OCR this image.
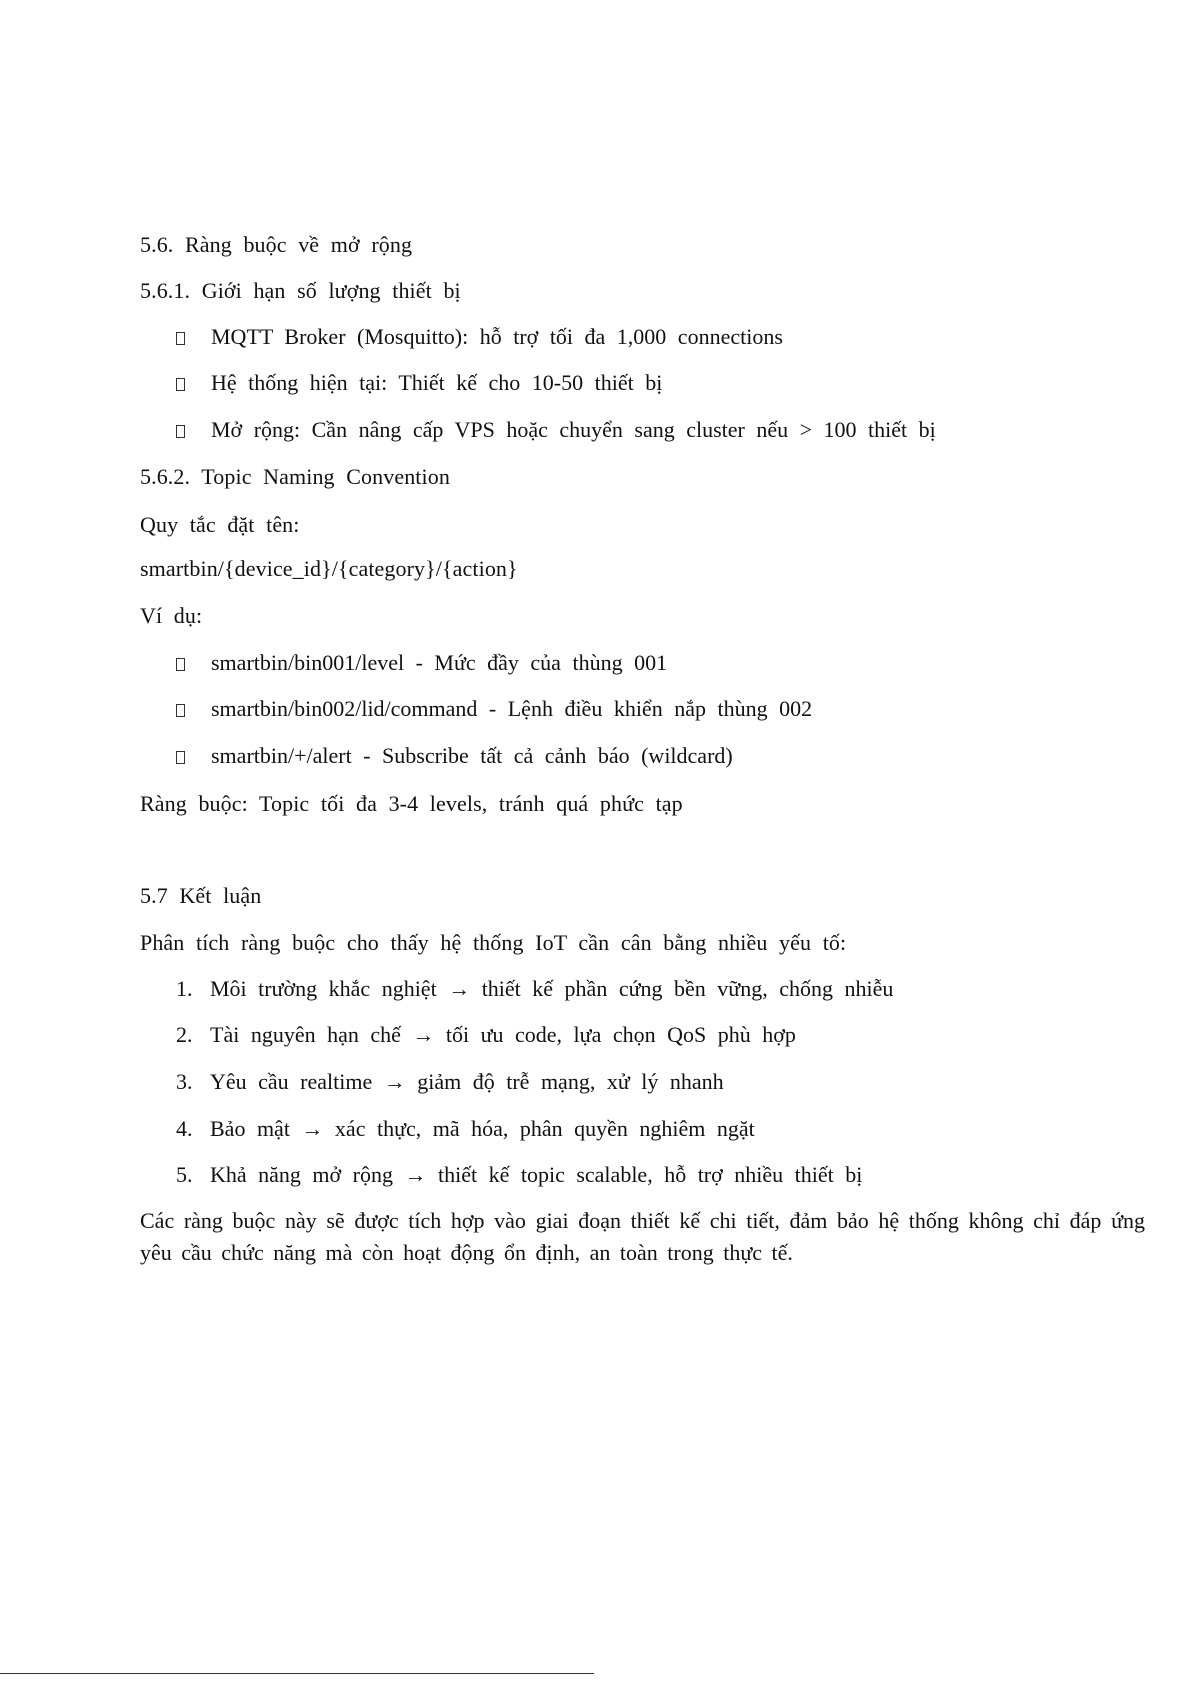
5.6. Ràng buộc về mở rộng
5.6.1. Giới hạn số lượng thiết bị
MQTT Broker (Mosquitto): hỗ trợ tối đa 1,000 connections
Hệ thống hiện tại: Thiết kế cho 10-50 thiết bị
Mở rộng: Cần nâng cấp VPS hoặc chuyển sang cluster nếu > 100 thiết bị
5.6.2. Topic Naming Convention
Quy tắc đặt tên:
smartbin/{device_id}/{category}/{action}
Ví dụ:
smartbin/bin001/level - Mức đầy của thùng 001
smartbin/bin002/lid/command - Lệnh điều khiển nắp thùng 002
smartbin/+/alert - Subscribe tất cả cảnh báo (wildcard)
Ràng buộc: Topic tối đa 3-4 levels, tránh quá phức tạp
5.7 Kết luận
Phân tích ràng buộc cho thấy hệ thống IoT cần cân bằng nhiều yếu tố:
1. Môi trường khắc nghiệt → thiết kế phần cứng bền vững, chống nhiễu
2. Tài nguyên hạn chế → tối ưu code, lựa chọn QoS phù hợp
3. Yêu cầu realtime → giảm độ trễ mạng, xử lý nhanh
4. Bảo mật → xác thực, mã hóa, phân quyền nghiêm ngặt
5. Khả năng mở rộng → thiết kế topic scalable, hỗ trợ nhiều thiết bị
Các ràng buộc này sẽ được tích hợp vào giai đoạn thiết kế chi tiết, đảm bảo hệ thống không chỉ đáp ứng yêu cầu chức năng mà còn hoạt động ổn định, an toàn trong thực tế.
